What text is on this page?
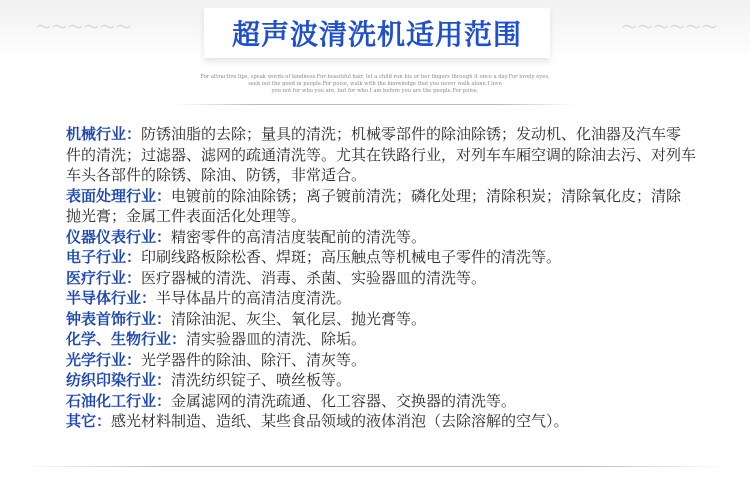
～～～～～～	～～～～～～
超声波清洗机适用范围
For attractive lips, speak words of kindness.For beautiful hair, let a child run his or her fingers through it once a day.For lovely eyes,
seek out the good in people.For poise, walk with the knowledge that you never walk alone.I love
you not for who you are, but for who I am before you are the people.For poise,

机械行业：防锈油脂的去除；量具的清洗；机械零部件的除油除锈；发动机、化油器及汽车零件的清洗；过滤器、滤网的疏通清洗等。尤其在铁路行业，对列车车厢空调的除油去污、对列车车头各部件的除锈、除油、防锈，非常适合。

表面处理行业：电镀前的除油除锈；离子镀前清洗；磷化处理；清除积炭；清除氧化皮；清除抛光膏；金属工件表面活化处理等。

仪器仪表行业：精密零件的高清洁度装配前的清洗等。

电子行业：印刷线路板除松香、焊斑；高压触点等机械电子零件的清洗等。

医疗行业：医疗器械的清洗、消毒、杀菌、实验器皿的清洗等。

半导体行业：半导体晶片的高清洁度清洗。

钟表首饰行业：清除油泥、灰尘、氧化层、抛光膏等。

化学、生物行业：清实验器皿的清洗、除垢。

光学行业：光学器件的除油、除汗、清灰等。

纺织印染行业：清洗纺织锭子、喷丝板等。

石油化工行业：金属滤网的清洗疏通、化工容器、交换器的清洗等。

其它：感光材料制造、造纸、某些食品领域的液体消泡（去除溶解的空气）。
